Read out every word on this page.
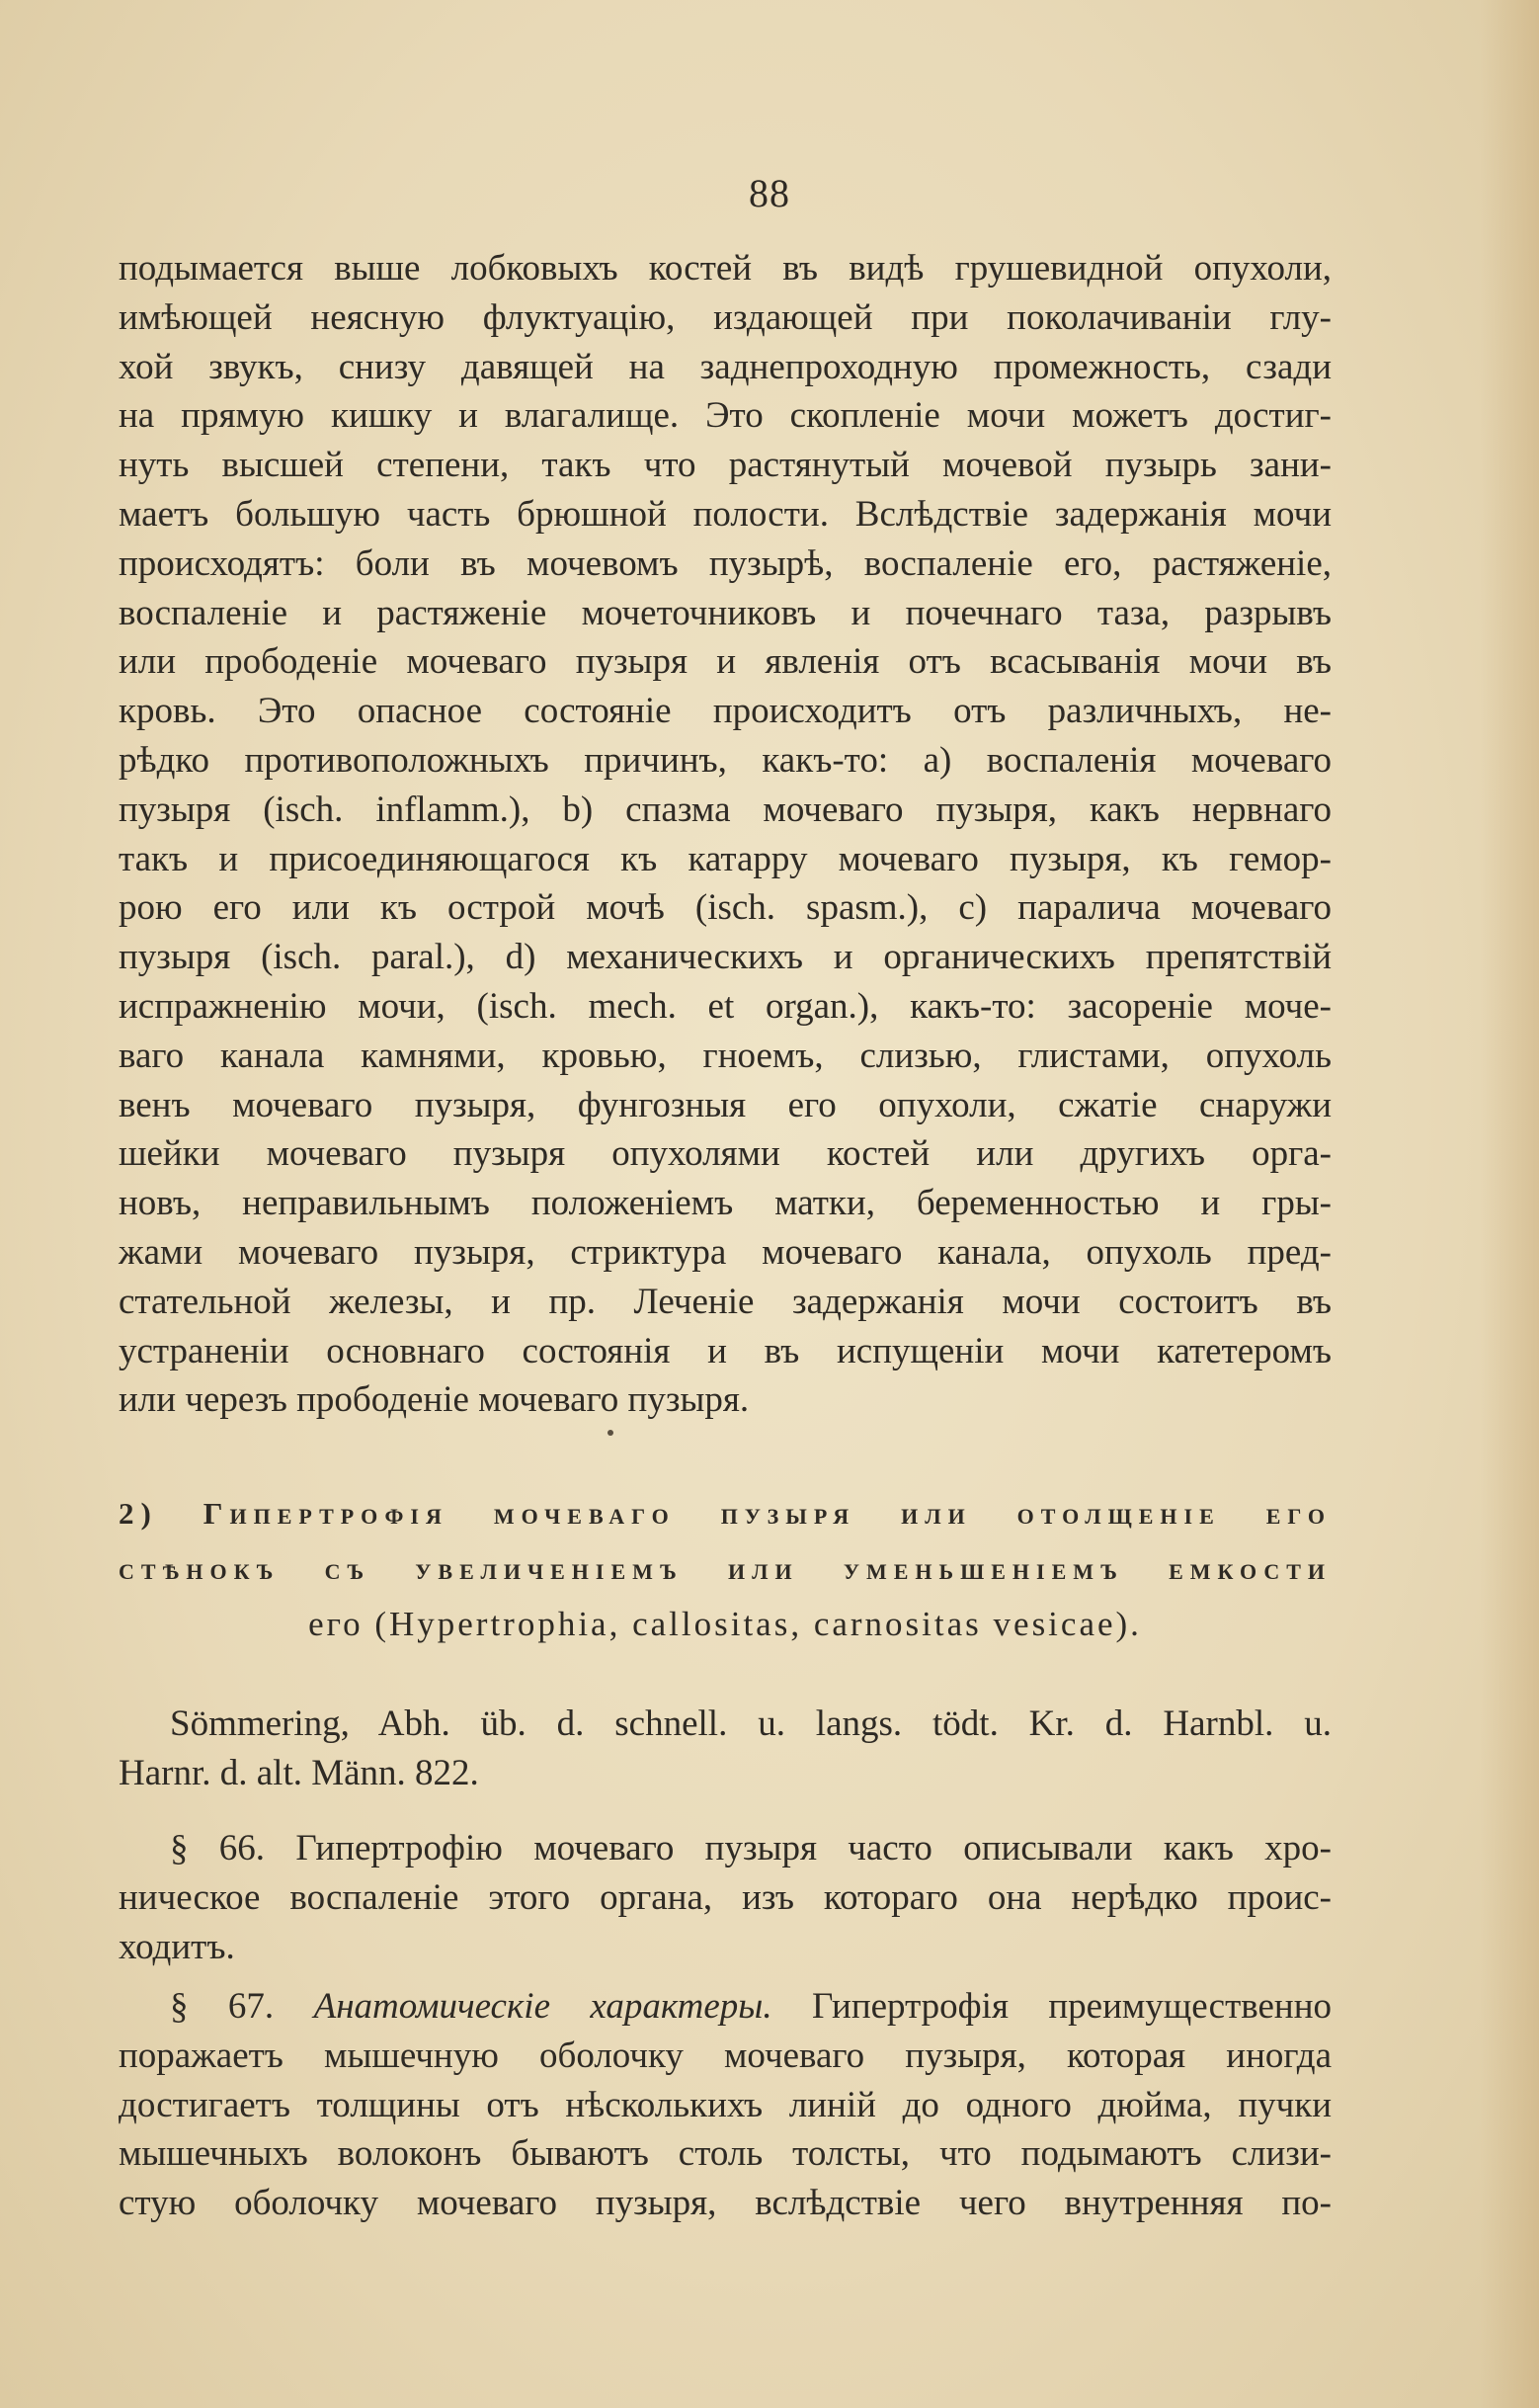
88
подымается выше лобковыхъ костей въ видѣ грушевидной опухоли,
имѣющей неясную флуктуацію, издающей при поколачиваніи глу-
хой звукъ, снизу давящей на заднепроходную промежность, сзади
на прямую кишку и влагалище. Это скопленіе мочи можетъ достиг-
нуть высшей степени, такъ что растянутый мочевой пузырь зани-
маетъ большую часть брюшной полости. Вслѣдствіе задержанія мочи
происходятъ: боли въ мочевомъ пузырѣ, воспаленіе его, растяженіе,
воспаленіе и растяженіе мочеточниковъ и почечнаго таза, разрывъ
или прободеніе мочеваго пузыря и явленія отъ всасыванія мочи въ
кровь. Это опасное состояніе происходитъ отъ различныхъ, не-
рѣдко противоположныхъ причинъ, какъ-то: а) воспаленія мочеваго
пузыря (isch. inflamm.), b) спазма мочеваго пузыря, какъ нервнаго
такъ и присоединяющагося къ катарру мочеваго пузыря, къ гемор-
рою его или къ острой мочѣ (isch. spasm.), c) паралича мочеваго
пузыря (isch. paral.), d) механическихъ и органическихъ препятствій
испражненію мочи, (isch. mech. et organ.), какъ-то: засореніе моче-
ваго канала камнями, кровью, гноемъ, слизью, глистами, опухоль
венъ мочеваго пузыря, фунгозныя его опухоли, сжатіе снаружи
шейки мочеваго пузыря опухолями костей или другихъ орга-
новъ, неправильнымъ положеніемъ матки, беременностью и гры-
жами мочеваго пузыря, стриктура мочеваго канала, опухоль пред-
стательной железы, и пр. Леченіе задержанія мочи состоитъ въ
устраненіи основнаго состоянія и въ испущеніи мочи катетеромъ
или черезъ прободеніе мочеваго пузыря.
2) Гипертрофія мочеваго пузыря или отолщеніе его
стѣнокъ съ увеличеніемъ или уменьшеніемъ емкости
его (Hypertrophia, callositas, carnositas vesicae).
Sömmering, Abh. üb. d. schnell. u. langs. tödt. Kr. d. Harnbl. u.
Harnr. d. alt. Männ. 822.
§ 66. Гипертрофію мочеваго пузыря часто описывали какъ хро-
ническое воспаленіе этого органа, изъ котораго она нерѣдко проис-
ходитъ.
§ 67. Анатомическіе характеры. Гипертрофія преимущественно
поражаетъ мышечную оболочку мочеваго пузыря, которая иногда
достигаетъ толщины отъ нѣсколькихъ линій до одного дюйма, пучки
мышечныхъ волоконъ бываютъ столь толсты, что подымаютъ слизи-
стую оболочку мочеваго пузыря, вслѣдствіе чего внутренняя по-
